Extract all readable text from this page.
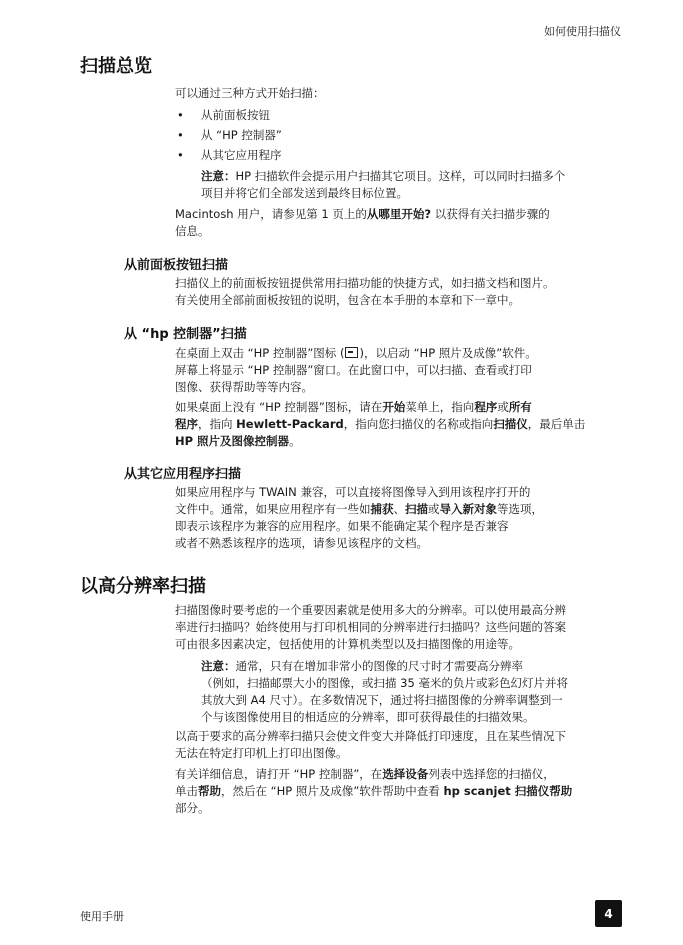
如何使用扫描仪
扫描总览

可以通过三种方式开始扫描：

• 从前面板按钮
• 从 “HP 控制器”
• 从其它应用程序

注意：HP 扫描软件会提示用户扫描其它项目。这样，可以同时扫描多个

项目并将它们全部发送到最终目标位置。

Macintosh 用户，请参见第 1 页上的从哪里开始? 以获得有关扫描步骤的

信息。

从前面板按钮扫描

扫描仪上的前面板按钮提供常用扫描功能的快捷方式，如扫描文档和图片。

有关使用全部前面板按钮的说明，包含在本手册的本章和下一章中。

从 “hp 控制器”扫描

在桌面上双击 “HP 控制器”图标 ( )，以启动 “HP 照片及成像”软件。

屏幕上将显示 “HP 控制器”窗口。在此窗口中，可以扫描、查看或打印

图像、获得帮助等等内容。

如果桌面上没有 “HP 控制器”图标，请在开始菜单上，指向程序或所有

程序，指向 Hewlett-Packard，指向您扫描仪的名称或指向扫描仪，最后单击

HP 照片及图像控制器。

从其它应用程序扫描

如果应用程序与 TWAIN 兼容，可以直接将图像导入到用该程序打开的

文件中。通常，如果应用程序有一些如捕获、扫描或导入新对象等选项，

即表示该程序为兼容的应用程序。如果不能确定某个程序是否兼容

或者不熟悉该程序的选项，请参见该程序的文档。

以高分辨率扫描

扫描图像时要考虑的一个重要因素就是使用多大的分辨率。可以使用最高分辨

率进行扫描吗？始终使用与打印机相同的分辨率进行扫描吗？这些问题的答案

可由很多因素决定，包括使用的计算机类型以及扫描图像的用途等。

注意：通常，只有在增加非常小的图像的尺寸时才需要高分辨率

（例如，扫描邮票大小的图像，或扫描 35 毫米的负片或彩色幻灯片并将

其放大到 A4 尺寸）。在多数情况下，通过将扫描图像的分辨率调整到一

个与该图像使用目的相适应的分辨率，即可获得最佳的扫描效果。

以高于要求的高分辨率扫描只会使文件变大并降低打印速度，且在某些情况下

无法在特定打印机上打印出图像。

有关详细信息，请打开 “HP 控制器”，在选择设备列表中选择您的扫描仪，

单击帮助，然后在 “HP 照片及成像”软件帮助中查看 hp scanjet 扫描仪帮助

部分。

使用手册	4
